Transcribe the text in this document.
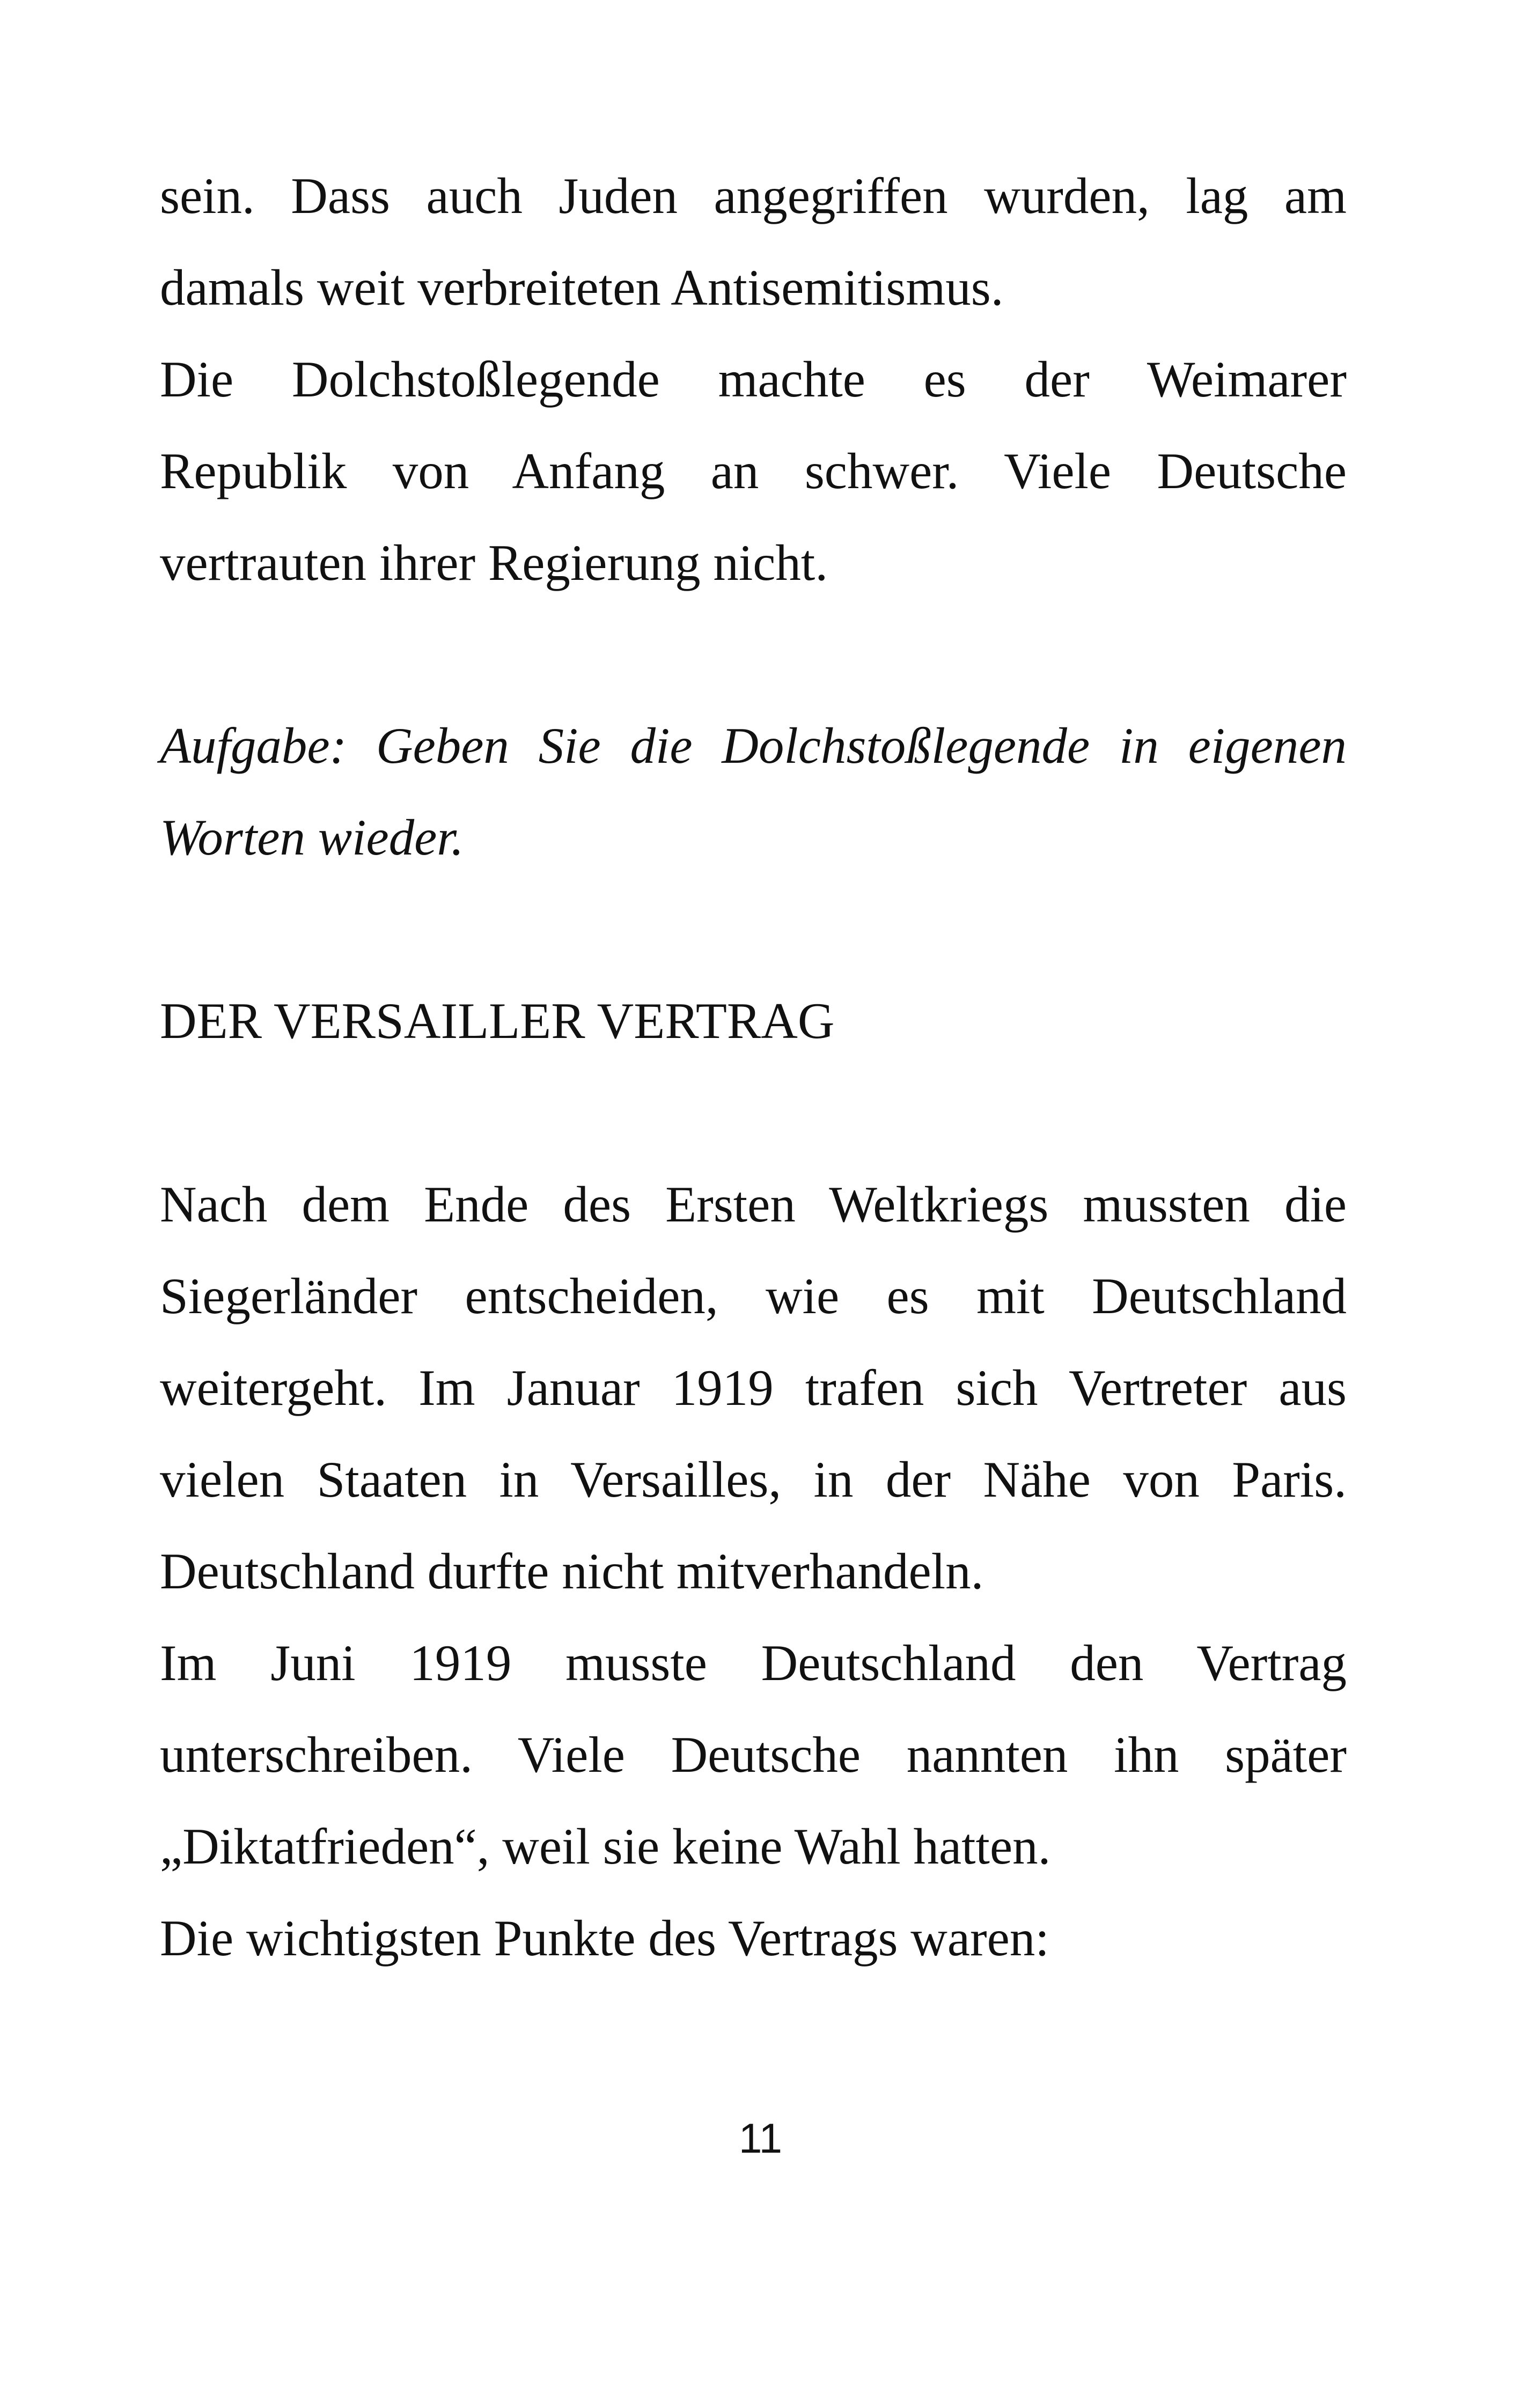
sein. Dass auch Juden angegriffen wurden, lag am
damals weit verbreiteten Antisemitismus.
Die Dolchstoßlegende machte es der Weimarer
Republik von Anfang an schwer. Viele Deutsche
vertrauten ihrer Regierung nicht.
Aufgabe: Geben Sie die Dolchstoßlegende in eigenen
Worten wieder.
DER VERSAILLER VERTRAG
Nach dem Ende des Ersten Weltkriegs mussten die
Siegerländer entscheiden, wie es mit Deutschland
weitergeht. Im Januar 1919 trafen sich Vertreter aus
vielen Staaten in Versailles, in der Nähe von Paris.
Deutschland durfte nicht mitverhandeln.
Im Juni 1919 musste Deutschland den Vertrag
unterschreiben. Viele Deutsche nannten ihn später
„Diktatfrieden“, weil sie keine Wahl hatten.
Die wichtigsten Punkte des Vertrags waren:
11
